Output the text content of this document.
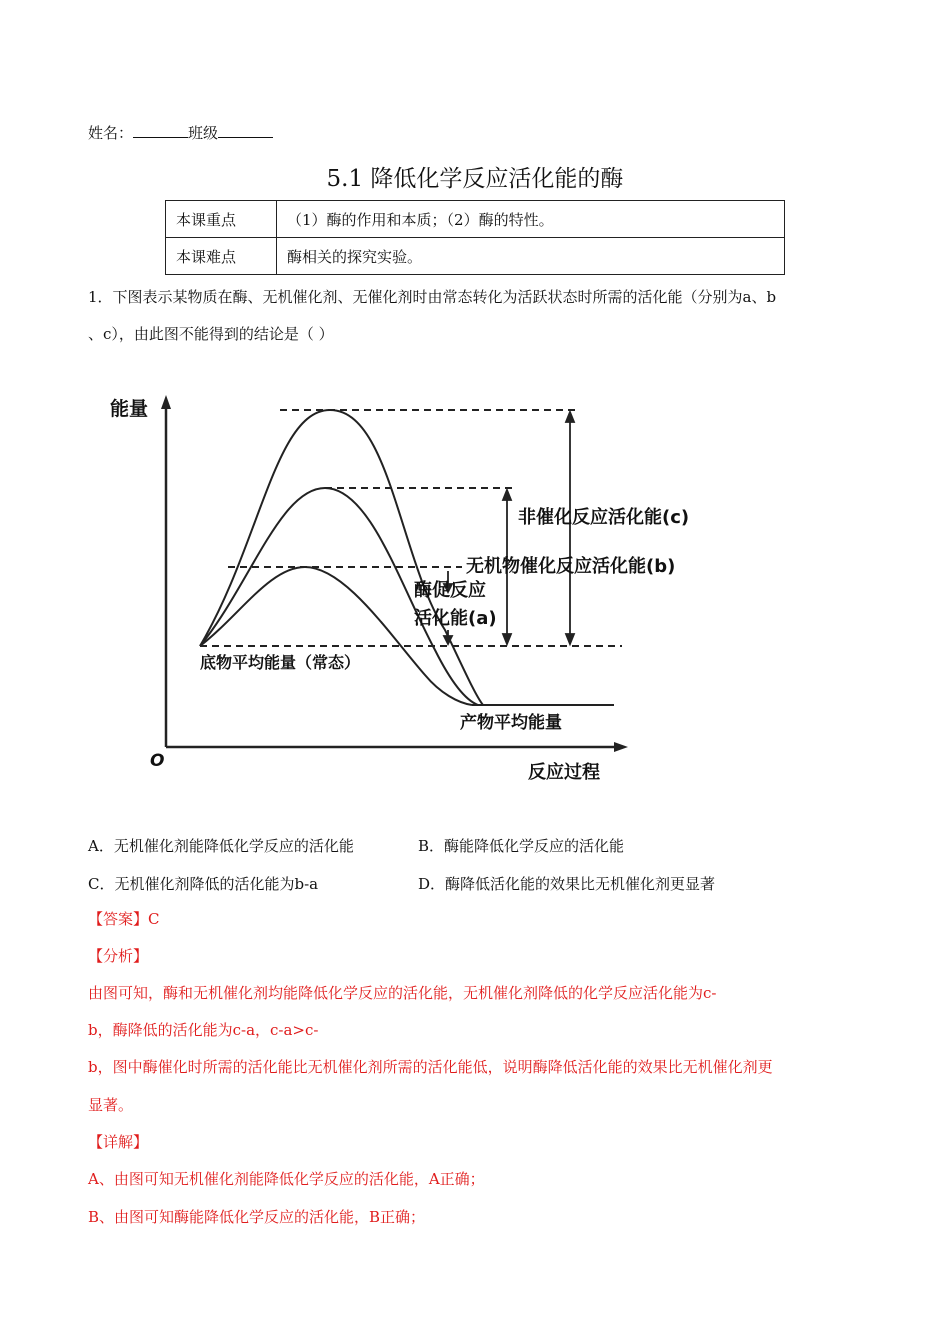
姓名：	班级
5.1 降低化学反应活化能的酶
本课重点	（1）酶的作用和本质；（2）酶的特性。
本课难点	酶相关的探究实验。
1．下图表示某物质在酶、无机催化剂、无催化剂时由常态转化为活跃状态时所需的活化能（分别为a、b
、c），由此图不能得到的结论是（ ）
能量
O
反应过程
非催化反应活化能(c)
无机物催化反应活化能(b)
酶促反应
活化能(a)
底物平均能量（常态）
产物平均能量
A．无机催化剂能降低化学反应的活化能	B．酶能降低化学反应的活化能
C．无机催化剂降低的活化能为b-a	D．酶降低活化能的效果比无机催化剂更显著
【答案】C
【分析】
由图可知，酶和无机催化剂均能降低化学反应的活化能，无机催化剂降低的化学反应活化能为c-
b，酶降低的活化能为c-a，c-a>c-
b，图中酶催化时所需的活化能比无机催化剂所需的活化能低，说明酶降低活化能的效果比无机催化剂更
显著。
【详解】
A、由图可知无机催化剂能降低化学反应的活化能，A正确；
B、由图可知酶能降低化学反应的活化能，B正确；
